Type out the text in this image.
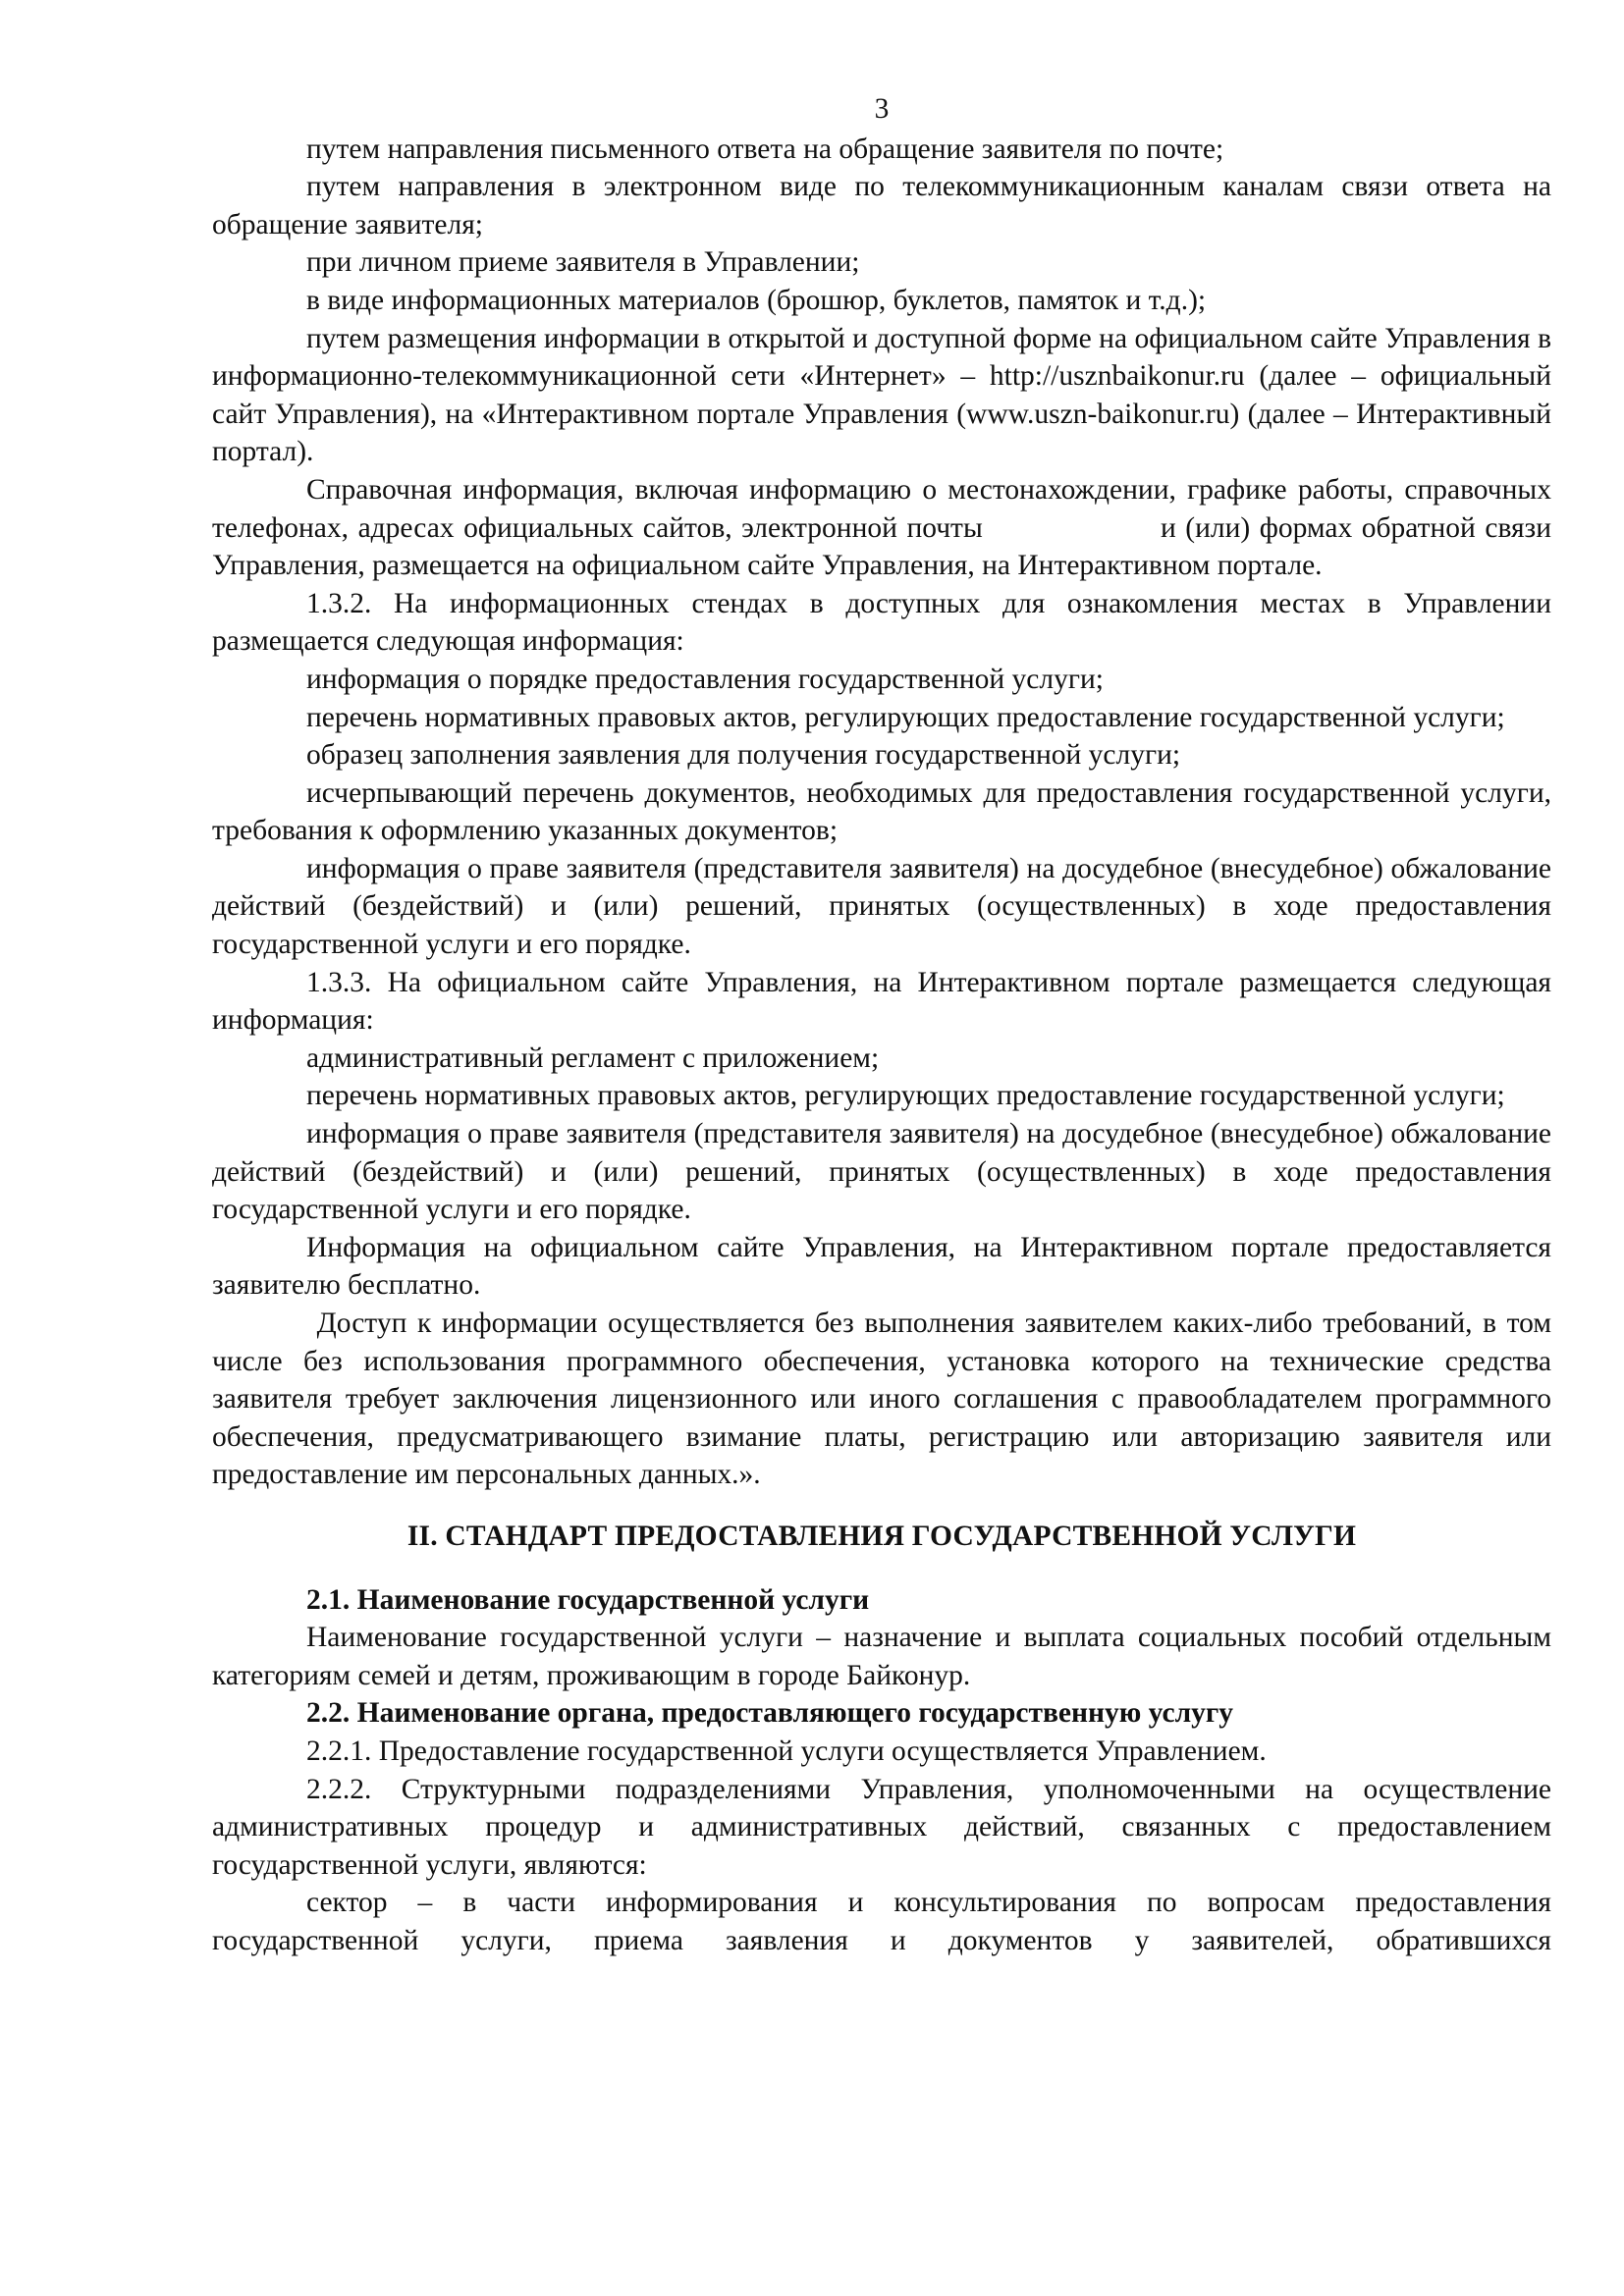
3

путем направления письменного ответа на обращение заявителя по почте;

путем направления в электронном виде по телекоммуникационным каналам связи ответа на обращение заявителя;

при личном приеме заявителя в Управлении;

в виде информационных материалов (брошюр, буклетов, памяток и т.д.);

путем размещения информации в открытой и доступной форме на официальном сайте Управления в информационно-телекоммуникационной сети «Интернет» – http://usznbaikonur.ru (далее – официальный сайт Управления), на «Интерактивном портале Управления (www.uszn-baikonur.ru) (далее – Интерактивный портал).

Справочная информация, включая информацию о местонахождении, графике работы, справочных телефонах, адресах официальных сайтов, электронной почты                   и (или) формах обратной связи Управления, размещается на официальном сайте Управления, на Интерактивном портале.

1.3.2. На информационных стендах в доступных для ознакомления местах в Управлении размещается следующая информация:

информация о порядке предоставления государственной услуги;

перечень нормативных правовых актов, регулирующих предоставление государственной услуги;

образец заполнения заявления для получения государственной услуги;

исчерпывающий перечень документов, необходимых для предоставления государственной услуги, требования к оформлению указанных документов;

информация о праве заявителя (представителя заявителя) на досудебное (внесудебное) обжалование действий (бездействий) и (или) решений, принятых (осуществленных) в ходе предоставления государственной услуги и его порядке.

1.3.3. На официальном сайте Управления, на Интерактивном портале размещается следующая информация:

административный регламент с приложением;

перечень нормативных правовых актов, регулирующих предоставление государственной услуги;

информация о праве заявителя (представителя заявителя) на досудебное (внесудебное) обжалование действий (бездействий) и (или) решений, принятых (осуществленных) в ходе предоставления государственной услуги и его порядке.

Информация на официальном сайте Управления, на Интерактивном портале предоставляется заявителю бесплатно.

Доступ к информации осуществляется без выполнения заявителем каких-либо требований, в том числе без использования программного обеспечения, установка которого на технические средства заявителя требует заключения лицензионного или иного соглашения с правообладателем программного обеспечения, предусматривающего взимание платы, регистрацию или авторизацию заявителя или предоставление им персональных данных.».

II. СТАНДАРТ ПРЕДОСТАВЛЕНИЯ ГОСУДАРСТВЕННОЙ УСЛУГИ

2.1. Наименование государственной услуги

Наименование государственной услуги – назначение и выплата социальных пособий отдельным категориям семей и детям, проживающим в городе Байконур.

2.2. Наименование органа, предоставляющего государственную услугу

2.2.1. Предоставление государственной услуги осуществляется Управлением.

2.2.2. Структурными подразделениями Управления, уполномоченными на осуществление административных процедур и административных действий, связанных с предоставлением государственной услуги, являются:

сектор – в части информирования и консультирования по вопросам предоставления государственной услуги, приема заявления и документов у заявителей, обратившихся
